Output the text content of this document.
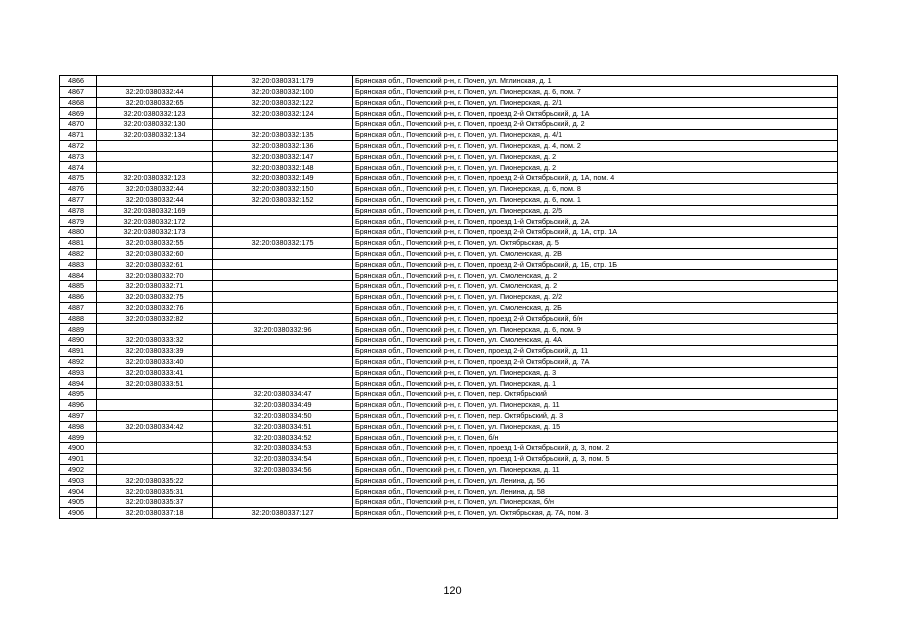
4866		32:20:0380331:179	Брянская обл., Почепский р-н, г. Почеп, ул. Мглинская, д. 1
4867	32:20:0380332:44	32:20:0380332:100	Брянская обл., Почепский р-н, г. Почеп, ул. Пионерская, д. 6, пом. 7
4868	32:20:0380332:65	32:20:0380332:122	Брянская обл., Почепский р-н, г. Почеп, ул. Пионерская, д. 2/1
4869	32:20:0380332:123	32:20:0380332:124	Брянская обл., Почепский р-н, г. Почеп, проезд 2-й Октябрьский, д. 1А
4870	32:20:0380332:130		Брянская обл., Почепский р-н, г. Почеп, проезд 2-й Октябрьский, д. 2
4871	32:20:0380332:134	32:20:0380332:135	Брянская обл., Почепский р-н, г. Почеп, ул. Пионерская, д. 4/1
4872		32:20:0380332:136	Брянская обл., Почепский р-н, г. Почеп, ул. Пионерская, д. 4, пом. 2
4873		32:20:0380332:147	Брянская обл., Почепский р-н, г. Почеп, ул. Пионерская, д. 2
4874		32:20:0380332:148	Брянская обл., Почепский р-н, г. Почеп, ул. Пионерская, д. 2
4875	32:20:0380332:123	32:20:0380332:149	Брянская обл., Почепский р-н, г. Почеп, проезд 2-й Октябрьский, д. 1А, пом. 4
4876	32:20:0380332:44	32:20:0380332:150	Брянская обл., Почепский р-н, г. Почеп, ул. Пионерская, д. 6, пом. 8
4877	32:20:0380332:44	32:20:0380332:152	Брянская обл., Почепский р-н, г. Почеп, ул. Пионерская, д. 6, пом. 1
4878	32:20:0380332:169		Брянская обл., Почепский р-н, г. Почеп, ул. Пионерская, д. 2/5
4879	32:20:0380332:172		Брянская обл., Почепский р-н, г. Почеп, проезд 1-й Октябрьский, д. 2А
4880	32:20:0380332:173		Брянская обл., Почепский р-н, г. Почеп, проезд 2-й Октябрьский, д. 1А, стр. 1А
4881	32:20:0380332:55	32:20:0380332:175	Брянская обл., Почепский р-н, г. Почеп, ул. Октябрьская, д. 5
4882	32:20:0380332:60		Брянская обл., Почепский р-н, г. Почеп, ул. Смоленская, д. 2В
4883	32:20:0380332:61		Брянская обл., Почепский р-н, г. Почеп, проезд 2-й Октябрьский, д. 1Б, стр. 1Б
4884	32:20:0380332:70		Брянская обл., Почепский р-н, г. Почеп, ул. Смоленская, д. 2
4885	32:20:0380332:71		Брянская обл., Почепский р-н, г. Почеп, ул. Смоленская, д. 2
4886	32:20:0380332:75		Брянская обл., Почепский р-н, г. Почеп, ул. Пионерская, д. 2/2
4887	32:20:0380332:76		Брянская обл., Почепский р-н, г. Почеп, ул. Смоленская, д. 2Б
4888	32:20:0380332:82		Брянская обл., Почепский р-н, г. Почеп, проезд 2-й Октябрьский, б/н
4889		32:20:0380332:96	Брянская обл., Почепский р-н, г. Почеп, ул. Пионерская, д. 6, пом. 9
4890	32:20:0380333:32		Брянская обл., Почепский р-н, г. Почеп, ул. Смоленская, д. 4А
4891	32:20:0380333:39		Брянская обл., Почепский р-н, г. Почеп, проезд 2-й Октябрьский, д. 11
4892	32:20:0380333:40		Брянская обл., Почепский р-н, г. Почеп, проезд 2-й Октябрьский, д. 7А
4893	32:20:0380333:41		Брянская обл., Почепский р-н, г. Почеп, ул. Пионерская, д. 3
4894	32:20:0380333:51		Брянская обл., Почепский р-н, г. Почеп, ул. Пионерская, д. 1
4895		32:20:0380334:47	Брянская обл., Почепский р-н, г. Почеп, пер. Октябрьский
4896		32:20:0380334:49	Брянская обл., Почепский р-н, г. Почеп, ул. Пионерская, д. 11
4897		32:20:0380334:50	Брянская обл., Почепский р-н, г. Почеп, пер. Октябрьский, д. 3
4898	32:20:0380334:42	32:20:0380334:51	Брянская обл., Почепский р-н, г. Почеп, ул. Пионерская, д. 15
4899		32:20:0380334:52	Брянская обл., Почепский р-н, г. Почеп, б/н
4900		32:20:0380334:53	Брянская обл., Почепский р-н, г. Почеп, проезд 1-й Октябрьский, д. 3, пом. 2
4901		32:20:0380334:54	Брянская обл., Почепский р-н, г. Почеп, проезд 1-й Октябрьский, д. 3, пом. 5
4902		32:20:0380334:56	Брянская обл., Почепский р-н, г. Почеп, ул. Пионерская, д. 11
4903	32:20:0380335:22		Брянская обл., Почепский р-н, г. Почеп, ул. Ленина, д. 56
4904	32:20:0380335:31		Брянская обл., Почепский р-н, г. Почеп, ул. Ленина, д. 58
4905	32:20:0380335:37		Брянская обл., Почепский р-н, г. Почеп, ул. Пионерская, б/н
4906	32:20:0380337:18	32:20:0380337:127	Брянская обл., Почепский р-н, г. Почеп, ул. Октябрьская, д. 7А, пом. 3
120
